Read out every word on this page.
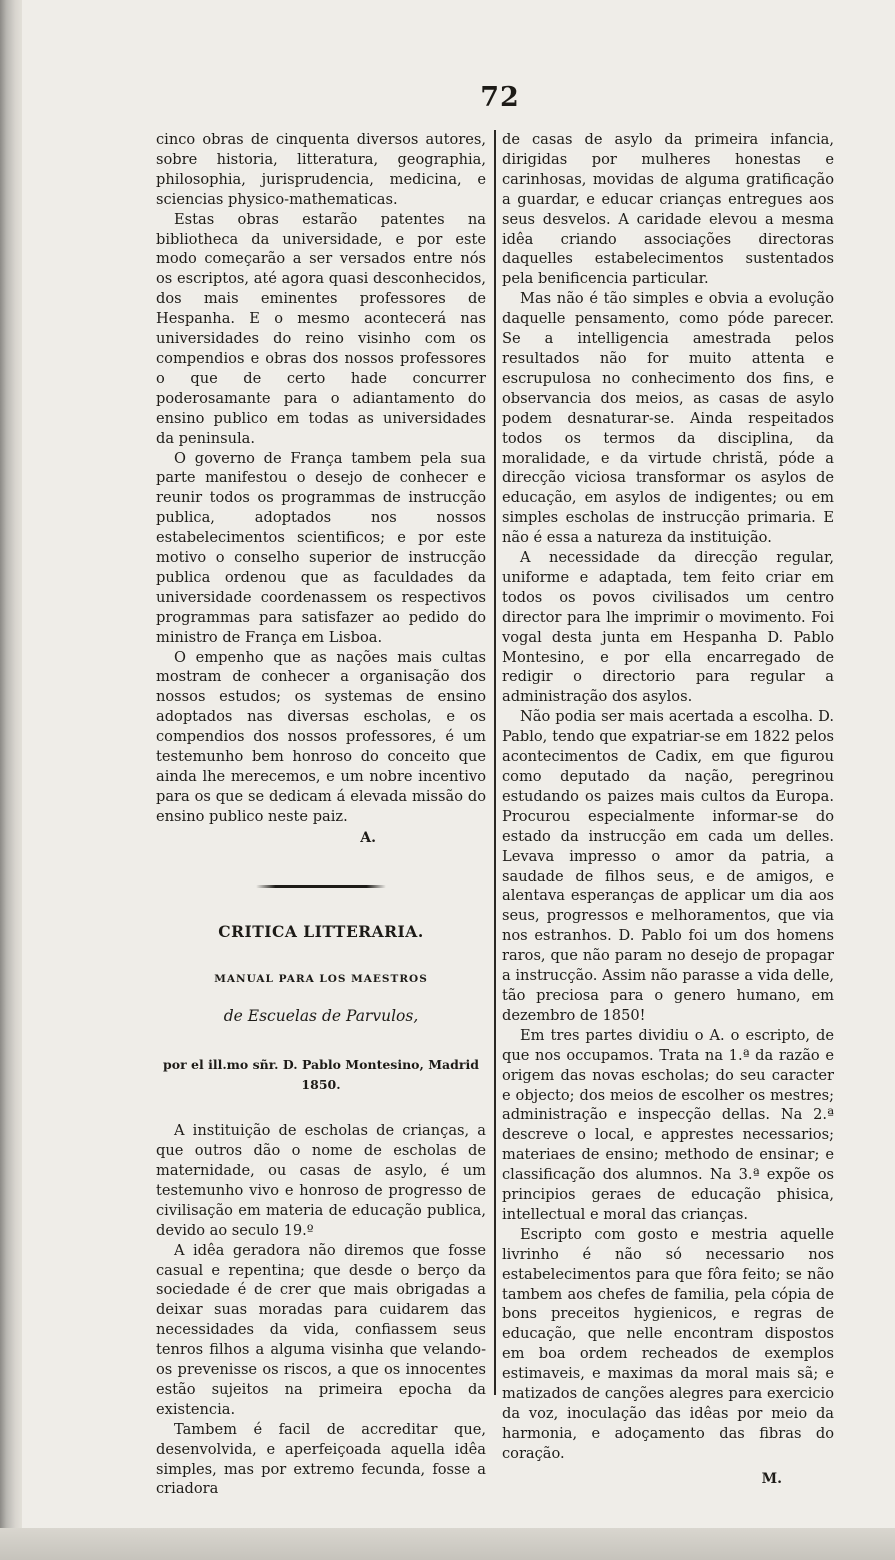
72

cinco obras de cinquenta diversos autores, sobre historia, litteratura, geographia, philosophia, jurisprudencia, medicina, e sciencias physico-mathematicas.

Estas obras estarão patentes na bibliotheca da universidade, e por este modo começarão a ser versados entre nós os escriptos, até agora quasi desconhecidos, dos mais eminentes professores de Hespanha. E o mesmo acontecerá nas universidades do reino visinho com os compendios e obras dos nossos professores o que de certo hade concurrer poderosamante para o adiantamento do ensino publico em todas as universidades da peninsula.

O governo de França tambem pela sua parte manifestou o desejo de conhecer e reunir todos os programmas de instrucção publica, adoptados nos nossos estabelecimentos scientificos; e por este motivo o conselho superior de instrucção publica ordenou que as faculdades da universidade coordenassem os respectivos programmas para satisfazer ao pedido do ministro de França em Lisboa.

O empenho que as nações mais cultas mostram de conhecer a organisação dos nossos estudos; os systemas de ensino adoptados nas diversas escholas, e os compendios dos nossos professores, é um testemunho bem honroso do conceito que ainda lhe merecemos, e um nobre incentivo para os que se dedicam á elevada missão do ensino publico neste paiz.

A.
CRITICA LITTERARIA.
MANUAL PARA LOS MAESTROS
de Escuelas de Parvulos,
por el ill.mo sñr. D. Pablo Montesino, Madrid 1850.

A instituição de escholas de crianças, a que outros dão o nome de escholas de maternidade, ou casas de asylo, é um testemunho vivo e honroso de progresso de civilisação em materia de educação publica, devido ao seculo 19.º

A idêa geradora não diremos que fosse casual e repentina; que desde o berço da sociedade é de crer que mais obrigadas a deixar suas moradas para cuidarem das necessidades da vida, confiassem seus tenros filhos a alguma visinha que velando-os prevenisse os riscos, a que os innocentes estão sujeitos na primeira epocha da existencia.

Tambem é facil de accreditar que, desenvolvida, e aperfeiçoada aquella idêa simples, mas por extremo fecunda, fosse a criadora

de casas de asylo da primeira infancia, dirigidas por mulheres honestas e carinhosas, movidas de alguma gratificação a guardar, e educar crianças entregues aos seus desvelos. A caridade elevou a mesma idêa criando associações directoras daquelles estabelecimentos sustentados pela benificencia particular.

Mas não é tão simples e obvia a evolução daquelle pensamento, como póde parecer. Se a intelligencia amestrada pelos resultados não for muito attenta e escrupulosa no conhecimento dos fins, e observancia dos meios, as casas de asylo podem desnaturar-se. Ainda respeitados todos os termos da disciplina, da moralidade, e da virtude christã, póde a direcção viciosa transformar os asylos de educação, em asylos de indigentes; ou em simples escholas de instrucção primaria. E não é essa a natureza da instituição.

A necessidade da direcção regular, uniforme e adaptada, tem feito criar em todos os povos civilisados um centro director para lhe imprimir o movimento. Foi vogal desta junta em Hespanha D. Pablo Montesino, e por ella encarregado de redigir o directorio para regular a administração dos asylos.

Não podia ser mais acertada a escolha. D. Pablo, tendo que expatriar-se em 1822 pelos acontecimentos de Cadix, em que figurou como deputado da nação, peregrinou estudando os paizes mais cultos da Europa. Procurou especialmente informar-se do estado da instrucção em cada um delles. Levava impresso o amor da patria, a saudade de filhos seus, e de amigos, e alentava esperanças de applicar um dia aos seus, progressos e melhoramentos, que via nos estranhos. D. Pablo foi um dos homens raros, que não param no desejo de propagar a instrucção. Assim não parasse a vida delle, tão preciosa para o genero humano, em dezembro de 1850!

Em tres partes dividiu o A. o escripto, de que nos occupamos. Trata na 1.ª da razão e origem das novas escholas; do seu caracter e objecto; dos meios de escolher os mestres; administração e inspecção dellas. Na 2.ª descreve o local, e apprestes necessarios; materiaes de ensino; methodo de ensinar; e classificação dos alumnos. Na 3.ª expõe os principios geraes de educação phisica, intellectual e moral das crianças.

Escripto com gosto e mestria aquelle livrinho é não só necessario nos estabelecimentos para que fôra feito; se não tambem aos chefes de familia, pela cópia de bons preceitos hygienicos, e regras de educação, que nelle encontram dispostos em boa ordem recheados de exemplos estimaveis, e maximas da moral mais sã; e matizados de canções alegres para exercicio da voz, inoculação das idêas por meio da harmonia, e adoçamento das fibras do coração.

M.
